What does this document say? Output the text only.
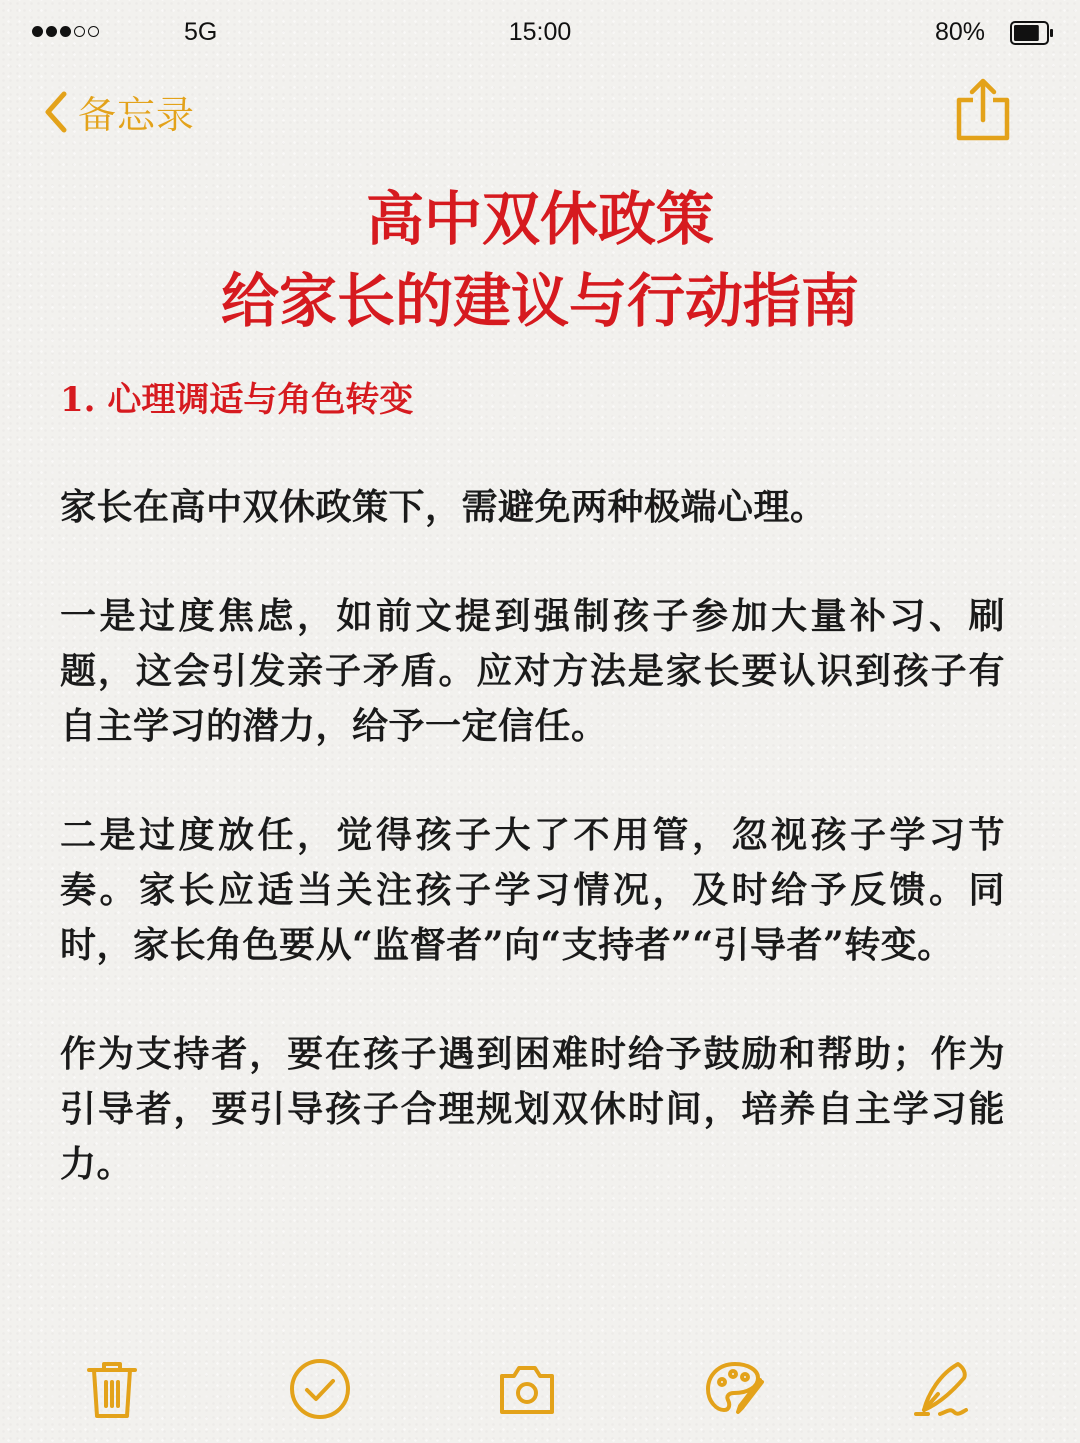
5G	15:00	80%
备忘录
高中双休政策
给家长的建议与行动指南
1. 心理调适与角色转变

家长在高中双休政策下，需避免两种极端心理。

一是过度焦虑，如前文提到强制孩子参加大量补习、刷题，这会引发亲子矛盾。应对方法是家长要认识到孩子有自主学习的潜力，给予一定信任。

二是过度放任，觉得孩子大了不用管，忽视孩子学习节奏。家长应适当关注孩子学习情况，及时给予反馈。同时，家长角色要从“监督者”向“支持者”“引导者”转变。

作为支持者，要在孩子遇到困难时给予鼓励和帮助；作为引导者，要引导孩子合理规划双休时间，培养自主学习能力。
